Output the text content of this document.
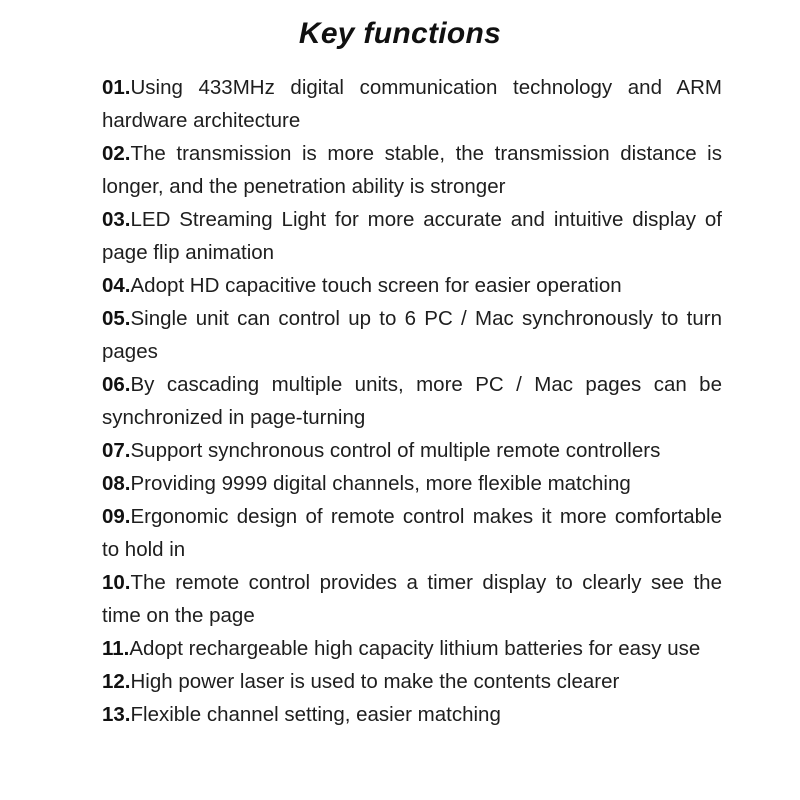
Key functions
01.Using 433MHz digital communication technology and ARM hardware architecture
02.The transmission is more stable, the transmission distance is longer, and the penetration ability is stronger
03.LED Streaming Light for more accurate and intuitive display of page flip animation
04.Adopt HD capacitive touch screen for easier operation
05.Single unit can control up to 6 PC / Mac synchronously to turn pages
06.By cascading multiple units, more PC / Mac pages can be synchronized in page-turning
07.Support synchronous control of multiple remote controllers
08.Providing 9999 digital channels, more flexible matching
09.Ergonomic design of remote control makes it more comfortable to hold in
10.The remote control provides a timer display to clearly see the time on the page
11.Adopt rechargeable high capacity lithium batteries for easy use
12.High power laser is used to make the contents clearer
13.Flexible channel setting, easier matching
